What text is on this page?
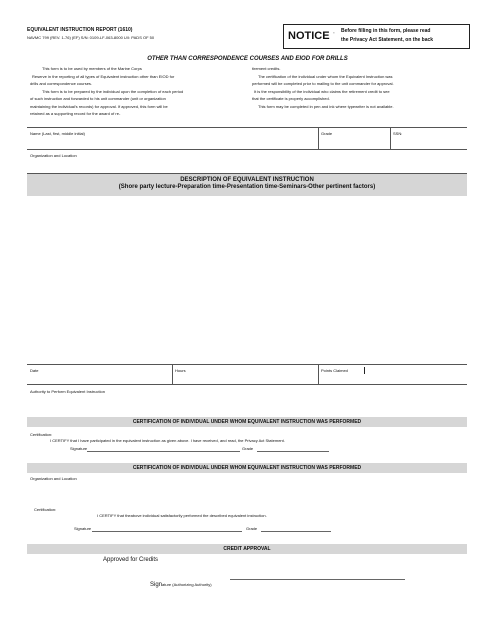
EQUIVALENT INSTRUCTION REPORT (1610)
NAVMC 799 (REV. 1-76) (EF) S/N: 0109-LF-063-8000 U/I: PADS OF 50	NOTICE " Before filling in this form, please read
the Privacy Act Statement, on the back
OTHER THAN CORRESPONDENCE COURSES AND EIOD FOR DRILLS
This form is to be used by members of the Marine Corps
Reserve in the reporting of all types of Equivalent instruction other than EIOD for
drills and correspondence courses.
This form is to be prepared by the individual upon the completion of each period
of such instruction and forwarded to his unit commander (unit or organization
maintaining the individual's records) for approval. If approved, this form will be
retained as a supporting record for the award of re-
tirement credits.
The certification of the individual under whom the Equivalent Instruction was
performed will be completed prior to mailing to the unit commander for approval.
It is the responsibility of the individual who claims the retirement credit to see
that the certificate is properly accomplished.
This form may be completed in pen and ink where typewriter is not available.
Name (Last, first, middle initial)	Grade	SSN:
Organization and Location
DESCRIPTION OF EQUIVALENT INSTRUCTION
(Shore party lecture-Preparation time-Presentation time-Seminars-Other pertinent factors)
Date	Hours	Points Claimed
Authority to Perform Equivalent Instruction
CERTIFICATION OF INDIVIDUAL UNDER WHOM EQUIVALENT INSTRUCTION WAS PERFORMED
Certification:
I CERTIFY that I have participated in the equivalent instruction as given above. I have received, and read, the Privacy Act Statement.
Signature	Grade
CERTIFICATION OF INDIVIDUAL UNDER WHOM EQUIVALENT INSTRUCTION WAS PERFORMED
Organization and Location
Certification:
I CERTIFY that theabove individual satisfactorily performed the described equivalent instruction.
Signature	Grade
CREDIT APPROVAL
Approved for Credits
Signature (Authorizing Authority)
